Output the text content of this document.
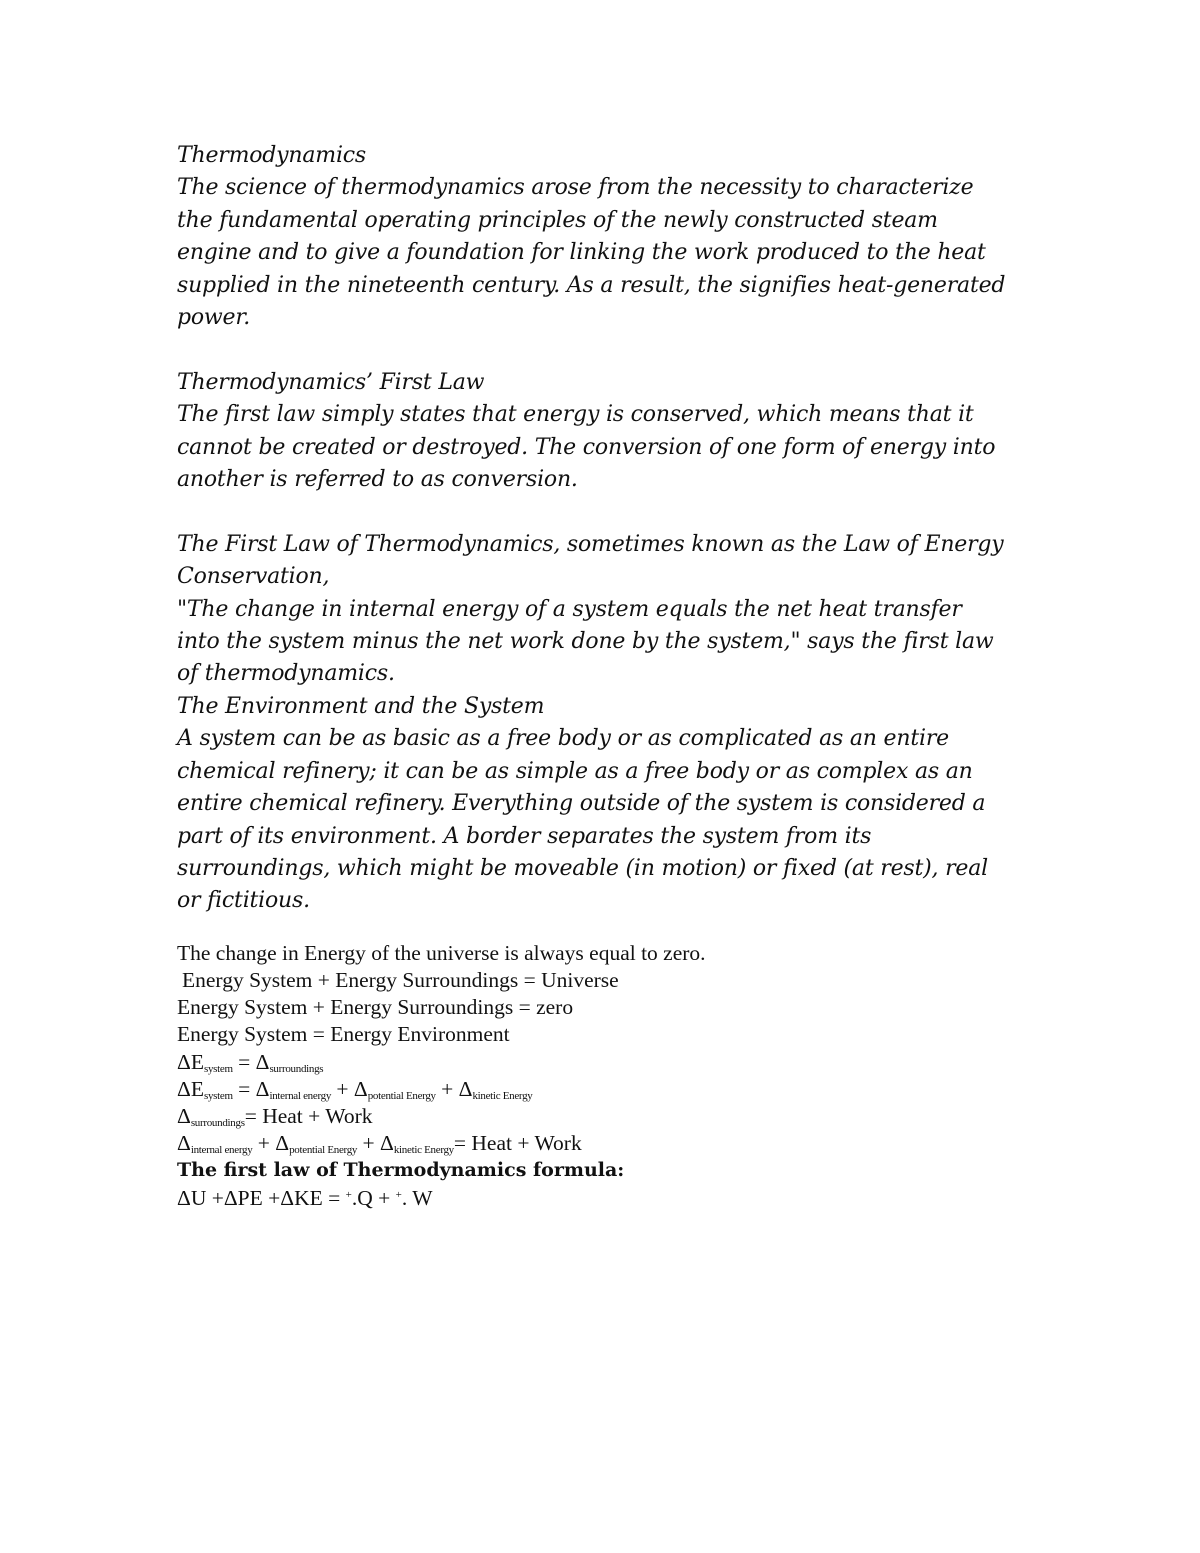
Thermodynamics

The science of thermodynamics arose from the necessity to characterize

the fundamental operating principles of the newly constructed steam

engine and to give a foundation for linking the work produced to the heat

supplied in the nineteenth century. As a result, the signifies heat-generated

power.

Thermodynamics’ First Law

The first law simply states that energy is conserved, which means that it

cannot be created or destroyed. The conversion of one form of energy into

another is referred to as conversion.

The First Law of Thermodynamics, sometimes known as the Law of Energy

Conservation,

"The change in internal energy of a system equals the net heat transfer

into the system minus the net work done by the system," says the first law

of thermodynamics.

The Environment and the System

A system can be as basic as a free body or as complicated as an entire

chemical refinery; it can be as simple as a free body or as complex as an

entire chemical refinery. Everything outside of the system is considered a

part of its environment. A border separates the system from its

surroundings, which might be moveable (in motion) or fixed (at rest), real

or fictitious.

The change in Energy of the universe is always equal to zero.

Energy System + Energy Surroundings = Universe

Energy System + Energy Surroundings = zero

Energy System = Energy Environment

$\Delta E_{system} = \Delta_{surroundings}$

$\Delta E_{system} = \Delta_{internal energy} + \Delta_{potential Energy} + \Delta_{kinetic Energy}$

$\Delta_{surroundings}=$ Heat + Work

$\Delta_{internal energy} + \Delta_{potential Energy} + \Delta_{kinetic Energy}=$ Heat + Work

The first law of Thermodynamics formula:

ΔU +ΔPE +ΔKE = +.Q + +. W
